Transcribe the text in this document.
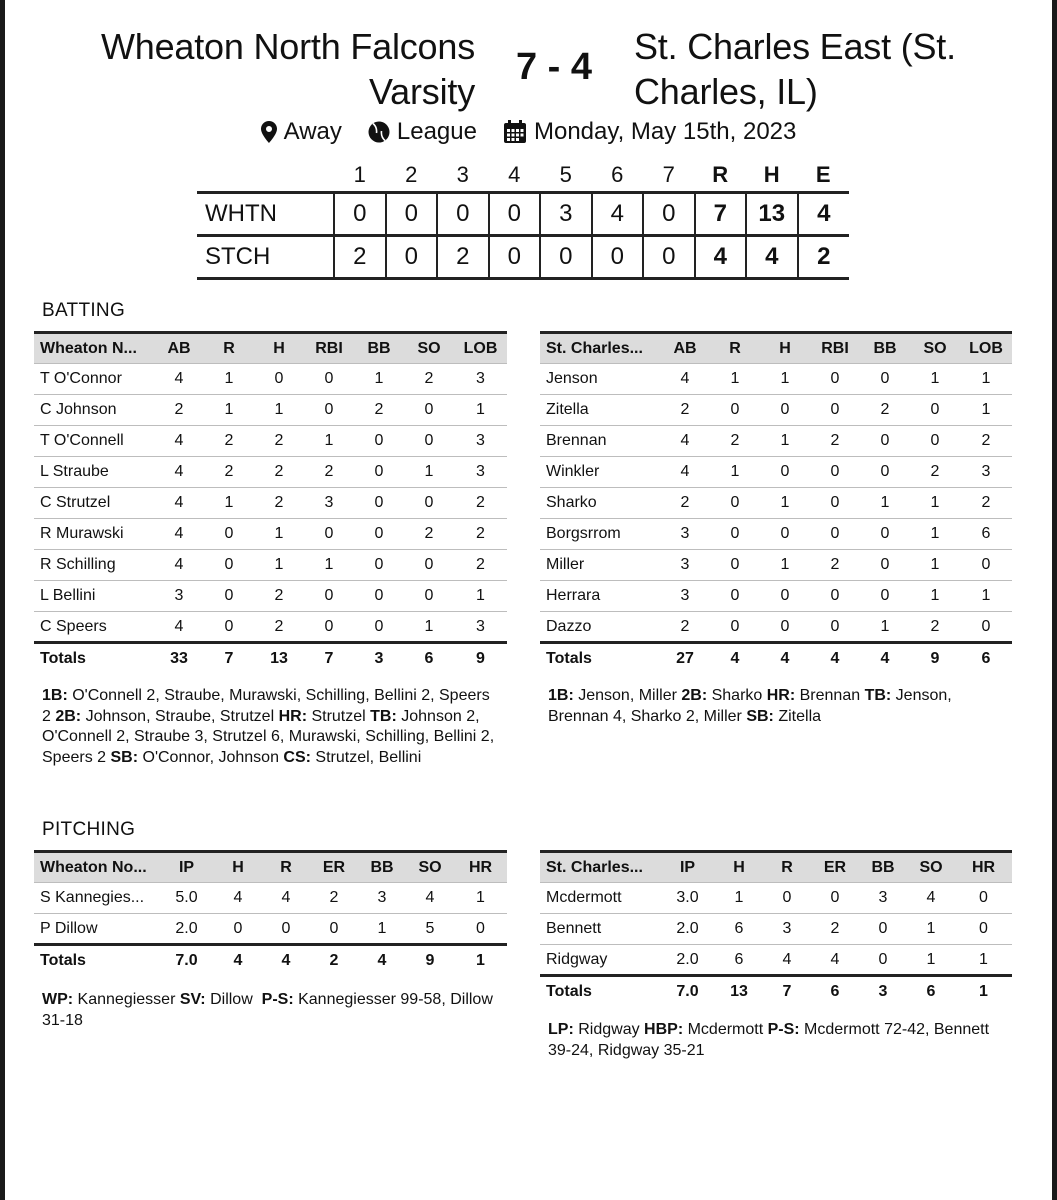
Wheaton North Falcons Varsity
7 - 4	St. Charles East (St. Charles, IL)
Away League Monday, May 15th, 2023
	1	2	3	4	5	6	7	R	H	E
WHTN	0	0	0	0	3	4	0	7	13	4
STCH	2	0	2	0	0	0	0	4	4	2
BATTING
Wheaton N...	AB	R	H	RBI	BB	SO	LOB
T O'Connor	4	1	0	0	1	2	3
C Johnson	2	1	1	0	2	0	1
T O'Connell	4	2	2	1	0	0	3
L Straube	4	2	2	2	0	1	3
C Strutzel	4	1	2	3	0	0	2
R Murawski	4	0	1	0	0	2	2
R Schilling	4	0	1	1	0	0	2
L Bellini	3	0	2	0	0	0	1
C Speers	4	0	2	0	0	1	3
Totals	33	7	13	7	3	6	9
St. Charles...	AB	R	H	RBI	BB	SO	LOB
Jenson	4	1	1	0	0	1	1
Zitella	2	0	0	0	2	0	1
Brennan	4	2	1	2	0	0	2
Winkler	4	1	0	0	0	2	3
Sharko	2	0	1	0	1	1	2
Borgsrrom	3	0	0	0	0	1	6
Miller	3	0	1	2	0	1	0
Herrara	3	0	0	0	0	1	1
Dazzo	2	0	0	0	1	2	0
Totals	27	4	4	4	4	9	6
1B: O'Connell 2, Straube, Murawski, Schilling, Bellini 2, Speers 2 2B: Johnson, Straube, Strutzel HR: Strutzel TB: Johnson 2, O'Connell 2, Straube 3, Strutzel 6, Murawski, Schilling, Bellini 2, Speers 2 SB: O'Connor, Johnson CS: Strutzel, Bellini
1B: Jenson, Miller 2B: Sharko HR: Brennan TB: Jenson, Brennan 4, Sharko 2, Miller SB: Zitella
PITCHING
Wheaton No...	IP	H	R	ER	BB	SO	HR
S Kannegies...	5.0	4	4	2	3	4	1
P Dillow	2.0	0	0	0	1	5	0
Totals	7.0	4	4	2	4	9	1
St. Charles...	IP	H	R	ER	BB	SO	HR
Mcdermott	3.0	1	0	0	3	4	0
Bennett	2.0	6	3	2	0	1	0
Ridgway	2.0	6	4	4	0	1	1
Totals	7.0	13	7	6	3	6	1
WP: Kannegiesser SV: Dillow  P-S: Kannegiesser 99-58, Dillow 31-18
LP: Ridgway HBP: Mcdermott P-S: Mcdermott 72-42, Bennett 39-24, Ridgway 35-21
